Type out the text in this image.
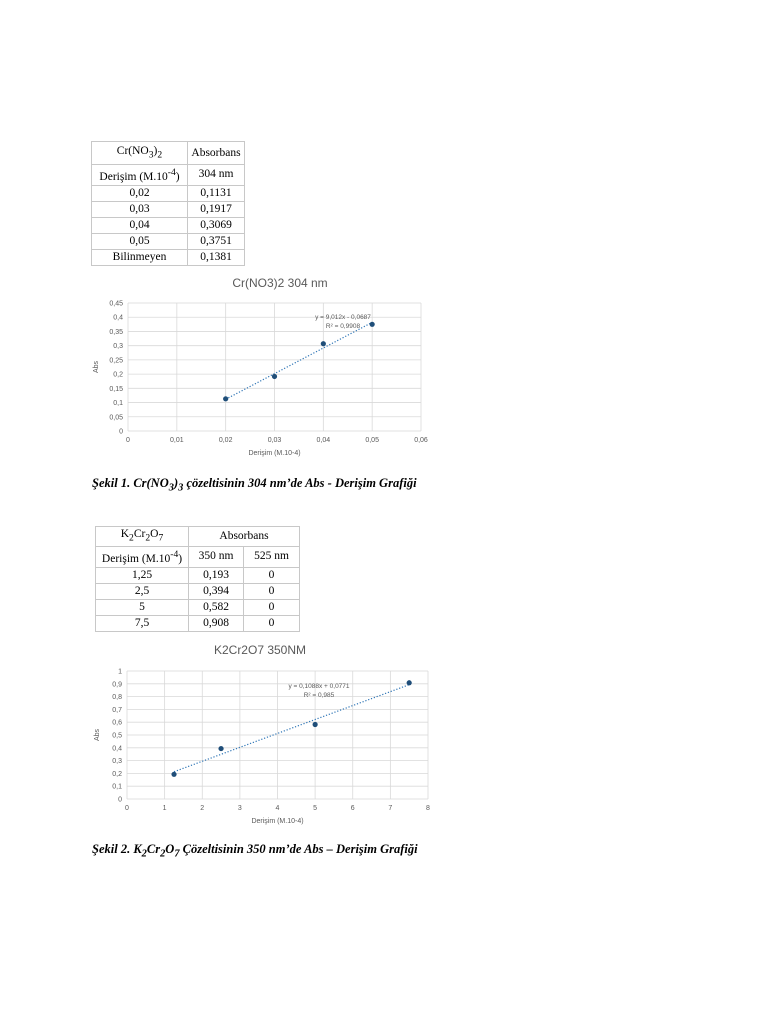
$Cr(NO_3)_2$	Absorbans
Derişim $(M.10^{-4})$	304 nm
0,02	0,1131
0,03	0,1917
0,04	0,3069
0,05	0,3751
Bilinmeyen	0,1381
Cr(NO3)2 304 nm
0
0,05
0,1
0,15
0,2
0,25
0,3
0,35
0,4
0,45
0	0,01	0,02	0,03	0,04	0,05	0,06
Derişim (M.10-4)
Abs
y = 9,012x - 0,0687
R² = 0,9908
Şekil 1. $Cr(NO_3)_3$ çözeltisinin 304 nm’de Abs - Derişim Grafiği
$K_2Cr_2O_7$	Absorbans	
Derişim $(M.10^{-4})$	350 nm	525 nm
1,25	0,193	0
2,5	0,394	0
5	0,582	0
7,5	0,908	0
K2Cr2O7 350NM
0
0,1
0,2
0,3
0,4
0,5
0,6
0,7
0,8
0,9
1
0	1	2	3	4	5	6	7	8
Derişim (M.10-4)
Abs
y = 0,1088x + 0,0771
R² = 0,985
Şekil 2. $K_2Cr_2O_7$ Çözeltisinin 350 nm’de Abs – Derişim Grafiği
